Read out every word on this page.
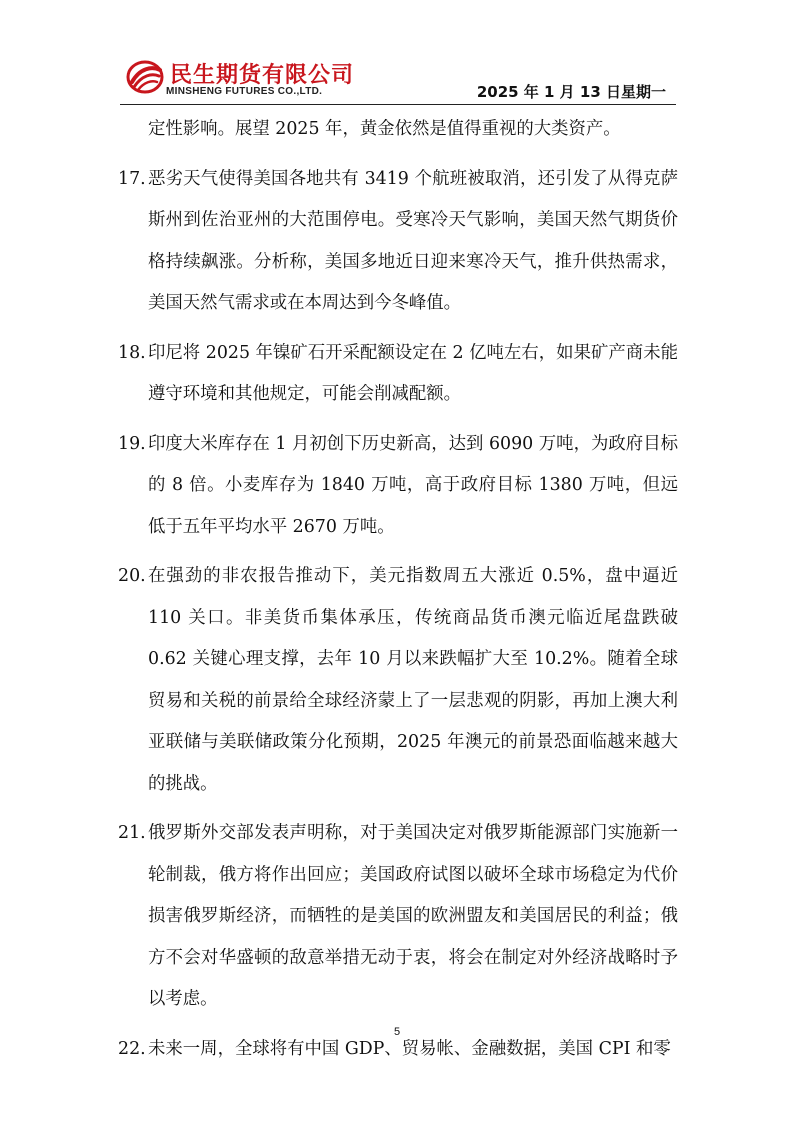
民生期货有限公司
MINSHENG FUTURES CO.,LTD.	2025 年 1 月 13 日星期一

定性影响。展望 2025 年，黄金依然是值得重视的大类资产。

17. 恶劣天气使得美国各地共有 3419 个航班被取消，还引发了从得克萨斯州到佐治亚州的大范围停电。受寒冷天气影响，美国天然气期货价格持续飙涨。分析称，美国多地近日迎来寒冷天气，推升供热需求，美国天然气需求或在本周达到今冬峰值。
18. 印尼将 2025 年镍矿石开采配额设定在 2 亿吨左右，如果矿产商未能遵守环境和其他规定，可能会削减配额。
19. 印度大米库存在 1 月初创下历史新高，达到 6090 万吨，为政府目标的 8 倍。小麦库存为 1840 万吨，高于政府目标 1380 万吨，但远低于五年平均水平 2670 万吨。
20. 在强劲的非农报告推动下，美元指数周五大涨近 0.5%，盘中逼近 110 关口。非美货币集体承压，传统商品货币澳元临近尾盘跌破 0.62 关键心理支撑，去年 10 月以来跌幅扩大至 10.2%。随着全球贸易和关税的前景给全球经济蒙上了一层悲观的阴影，再加上澳大利亚联储与美联储政策分化预期，2025 年澳元的前景恐面临越来越大的挑战。
21. 俄罗斯外交部发表声明称，对于美国决定对俄罗斯能源部门实施新一轮制裁，俄方将作出回应；美国政府试图以破坏全球市场稳定为代价损害俄罗斯经济，而牺牲的是美国的欧洲盟友和美国居民的利益；俄方不会对华盛顿的敌意举措无动于衷，将会在制定对外经济战略时予以考虑。
22. 未来一周，全球将有中国 GDP、贸易帐、金融数据，美国 CPI 和零
5
